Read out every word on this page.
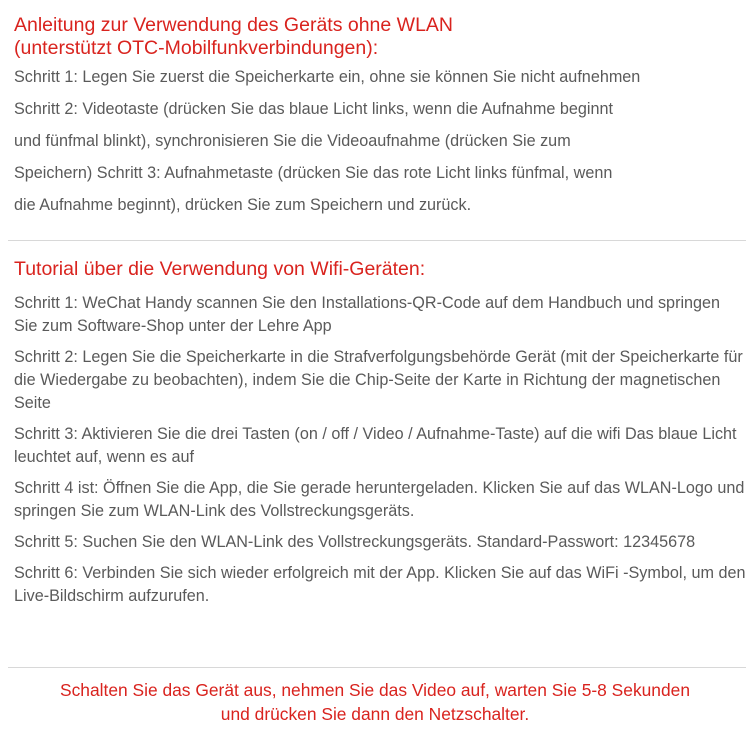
Anleitung zur Verwendung des Geräts ohne WLAN

(unterstützt OTC-Mobilfunkverbindungen):

Schritt 1: Legen Sie zuerst die Speicherkarte ein, ohne sie können Sie nicht aufnehmen

Schritt 2: Videotaste (drücken Sie das blaue Licht links, wenn die Aufnahme beginnt

und fünfmal blinkt), synchronisieren Sie die Videoaufnahme (drücken Sie zum

Speichern) Schritt 3: Aufnahmetaste (drücken Sie das rote Licht links fünfmal, wenn

die Aufnahme beginnt), drücken Sie zum Speichern und zurück.

Tutorial über die Verwendung von Wifi-Geräten:

Schritt 1: WeChat Handy scannen Sie den Installations-QR-Code auf dem Handbuch und springen Sie zum Software-Shop unter der Lehre App

Schritt 2: Legen Sie die Speicherkarte in die Strafverfolgungsbehörde Gerät (mit der Speicherkarte für die Wiedergabe zu beobachten), indem Sie die Chip-Seite der Karte in Richtung der magnetischen Seite

Schritt 3: Aktivieren Sie die drei Tasten (on / off / Video / Aufnahme-Taste) auf die wifi Das blaue Licht leuchtet auf, wenn es auf

Schritt 4 ist: Öffnen Sie die App, die Sie gerade heruntergeladen. Klicken Sie auf das WLAN-Logo und springen Sie zum WLAN-Link des Vollstreckungsgeräts.

Schritt 5: Suchen Sie den WLAN-Link des Vollstreckungsgeräts. Standard-Passwort: 12345678

Schritt 6: Verbinden Sie sich wieder erfolgreich mit der App. Klicken Sie auf das WiFi -Symbol, um den Live-Bildschirm aufzurufen.

Schalten Sie das Gerät aus, nehmen Sie das Video auf, warten Sie 5-8 Sekunden
und drücken Sie dann den Netzschalter.
